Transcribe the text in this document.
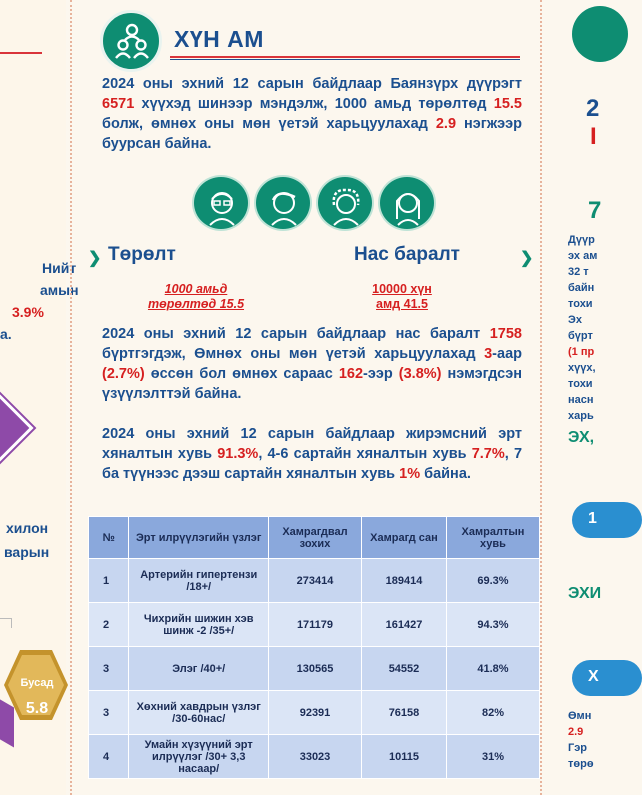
Нийт
амын
3.9%
а.
хилон
варын
Бусад
5.8
ХҮН АМ

2024 оны эхний 12 сарын байдлаар Баянзүрх дүүрэгт 6571 хүүхэд шинээр мэндэлж, 1000 амьд төрөлтөд 15.5 болж, өмнөх оны мөн үетэй харьцуулахад 2.9 нэгжээр буурсан байна.

❯ Төрөлт	Нас баралт	❯
1000 амьд
төрөлтөд 15.5
10000 хүн
амд 41.5

2024 оны эхний 12 сарын байдлаар нас баралт 1758 бүртгэгдэж, Өмнөх оны мөн үетэй харьцуулахад 3-аар (2.7%) өссөн бол өмнөх сараас 162-ээр (3.8%) нэмэгдсэн үзүүлэлттэй байна.

2024 оны эхний 12 сарын байдлаар жирэмсний эрт хяналтын хувь 91.3%, 4-6 сартайн хяналтын хувь 7.7%, 7 ба түүнээс дээш сартайн хяналтын хувь 1% байна.

№	Эрт илрүүлэгийн үзлэг	Хамрагдвал зохих	Хамрагд сан	Хамралтын хувь
1	Артерийн гипертензи /18+/	273414	189414	69.3%
2	Чихрийн шижин хэв шинж -2 /35+/	171179	161427	94.3%
3	Элэг /40+/	130565	54552	41.8%
3	Хөхний хавдрын үзлэг /30-60нас/	92391	76158	82%
4	Умайн хүзүүний эрт илрүүлэг /30+ 3,3 насаар/	33023	10115	31%
2
I
7
Дүүр
эх ам
32 т
байн
тохи
Эх
бүрт
(1 пр
хүүх,
тохи
насн
харь
ЭХ,
1
ЭХИ
Х
Өмн
2.9
Гэр
төрө
